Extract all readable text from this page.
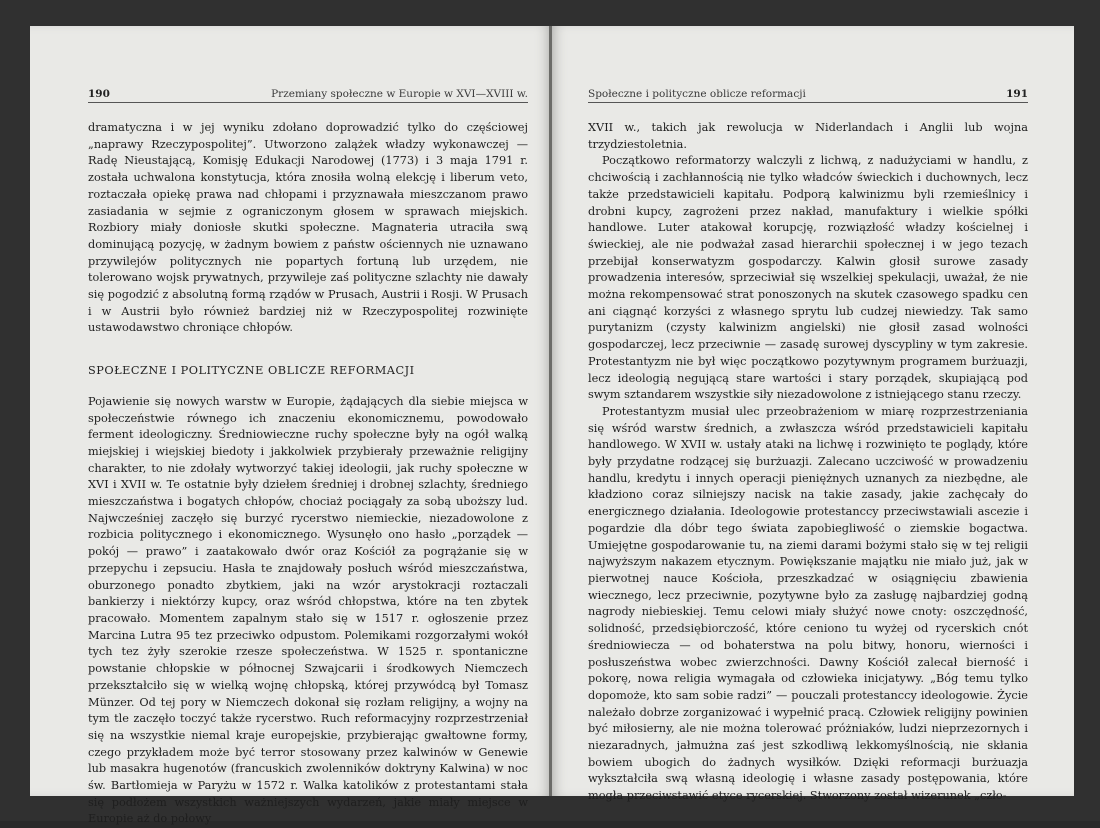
190	Przemiany społeczne w Europie w XVI—XVIII w.

dramatyczna i w jej wyniku zdołano doprowadzić tylko do częściowej „naprawy Rzeczypospolitej”. Utworzono zalążek władzy wykonawczej — Radę Nieustającą, Komisję Edukacji Narodowej (1773) i 3 maja 1791 r. została uchwalona konstytucja, która znosiła wolną elekcję i liberum veto, roztaczała opiekę prawa nad chłopami i przyznawała mieszczanom prawo zasiadania w sejmie z ograniczonym głosem w sprawach miejskich. Rozbiory miały doniosłe skutki społeczne. Magnateria utraciła swą dominującą pozycję, w żadnym bowiem z państw ościennych nie uznawano przywilejów politycznych nie popartych fortuną lub urzędem, nie tolerowano wojsk prywatnych, przywileje zaś polityczne szlachty nie dawały się pogodzić z absolutną formą rządów w Prusach, Austrii i Rosji. W Prusach i w Austrii było również bardziej niż w Rzeczypospolitej rozwinięte ustawodawstwo chroniące chłopów.

SPOŁECZNE I POLITYCZNE OBLICZE REFORMACJI

Pojawienie się nowych warstw w Europie, żądających dla siebie miejsca w społeczeństwie równego ich znaczeniu ekonomicznemu, powodowało ferment ideologiczny. Średniowieczne ruchy społeczne były na ogół walką miejskiej i wiejskiej biedoty i jakkolwiek przybierały przeważnie religijny charakter, to nie zdołały wytworzyć takiej ideologii, jak ruchy społeczne w XVI i XVII w. Te ostatnie były dziełem średniej i drobnej szlachty, średniego mieszczaństwa i bogatych chłopów, chociaż pociągały za sobą uboższy lud. Najwcześniej zaczęło się burzyć rycerstwo niemieckie, niezadowolone z rozbicia politycznego i ekonomicznego. Wysunęło ono hasło „porządek — pokój — prawo” i zaatakowało dwór oraz Kościół za pogrążanie się w przepychu i zepsuciu. Hasła te znajdowały posłuch wśród mieszczaństwa, oburzonego ponadto zbytkiem, jaki na wzór arystokracji roztaczali bankierzy i niektórzy kupcy, oraz wśród chłopstwa, które na ten zbytek pracowało. Momentem zapalnym stało się w 1517 r. ogłoszenie przez Marcina Lutra 95 tez przeciwko odpustom. Polemikami rozgorzałymi wokół tych tez żyły szerokie rzesze społeczeństwa. W 1525 r. spontaniczne powstanie chłopskie w północnej Szwajcarii i środkowych Niemczech przekształciło się w wielką wojnę chłopską, której przywódcą był Tomasz Münzer. Od tej pory w Niemczech dokonał się rozłam religijny, a wojny na tym tle zaczęło toczyć także rycerstwo. Ruch reformacyjny rozprzestrzeniał się na wszystkie niemal kraje europejskie, przybierając gwałtowne formy, czego przykładem może być terror stosowany przez kalwinów w Genewie lub masakra hugenotów (francuskich zwolenników doktryny Kalwina) w noc św. Bartłomieja w Paryżu w 1572 r. Walka katolików z protestantami stała się podłożem wszystkich ważniejszych wydarzeń, jakie miały miejsce w Europie aż do połowy

Społeczne i polityczne oblicze reformacji	191

XVII w., takich jak rewolucja w Niderlandach i Anglii lub wojna trzydziestoletnia.

Początkowo reformatorzy walczyli z lichwą, z nadużyciami w handlu, z chciwością i zachłannością nie tylko władców świeckich i duchownych, lecz także przedstawicieli kapitału. Podporą kalwinizmu byli rzemieślnicy i drobni kupcy, zagrożeni przez nakład, manufaktury i wielkie spółki handlowe. Luter atakował korupcję, rozwiązłość władzy kościelnej i świeckiej, ale nie podważał zasad hierarchii społecznej i w jego tezach przebijał konserwatyzm gospodarczy. Kalwin głosił surowe zasady prowadzenia interesów, sprzeciwiał się wszelkiej spekulacji, uważał, że nie można rekompensować strat ponoszonych na skutek czasowego spadku cen ani ciągnąć korzyści z własnego sprytu lub cudzej niewiedzy. Tak samo purytanizm (czysty kalwinizm angielski) nie głosił zasad wolności gospodarczej, lecz przeciwnie — zasadę surowej dyscypliny w tym zakresie. Protestantyzm nie był więc początkowo pozytywnym programem burżuazji, lecz ideologią negującą stare wartości i stary porządek, skupiającą pod swym sztandarem wszystkie siły niezadowolone z istniejącego stanu rzeczy.

Protestantyzm musiał ulec przeobrażeniom w miarę rozprzestrzeniania się wśród warstw średnich, a zwłaszcza wśród przedstawicieli kapitału handlowego. W XVII w. ustały ataki na lichwę i rozwinięto te poglądy, które były przydatne rodzącej się burżuazji. Zalecano uczciwość w prowadzeniu handlu, kredytu i innych operacji pieniężnych uznanych za niezbędne, ale kładziono coraz silniejszy nacisk na takie zasady, jakie zachęcały do energicznego działania. Ideologowie protestanccy przeciwstawiali ascezie i pogardzie dla dóbr tego świata zapobiegliwość o ziemskie bogactwa. Umiejętne gospodarowanie tu, na ziemi darami bożymi stało się w tej religii najwyższym nakazem etycznym. Powiększanie majątku nie miało już, jak w pierwotnej nauce Kościoła, przeszkadzać w osiągnięciu zbawienia wiecznego, lecz przeciwnie, pozytywne było za zasługę najbardziej godną nagrody niebieskiej. Temu celowi miały służyć nowe cnoty: oszczędność, solidność, przedsiębiorczość, które ceniono tu wyżej od rycerskich cnót średniowiecza — od bohaterstwa na polu bitwy, honoru, wierności i posłuszeństwa wobec zwierzchności. Dawny Kościół zalecał bierność i pokorę, nowa religia wymagała od człowieka inicjatywy. „Bóg temu tylko dopomoże, kto sam sobie radzi” — pouczali protestanccy ideologowie. Życie należało dobrze zorganizować i wypełnić pracą. Człowiek religijny powinien być miłosierny, ale nie można tolerować próżniaków, ludzi nieprzezornych i niezaradnych, jałmużna zaś jest szkodliwą lekkomyślnością, nie skłania bowiem ubogich do żadnych wysiłków. Dzięki reformacji burżuazja wykształciła swą własną ideologię i własne zasady postępowania, które mogła przeciwstawić etyce rycerskiej. Stworzony został wizerunek „czło-
